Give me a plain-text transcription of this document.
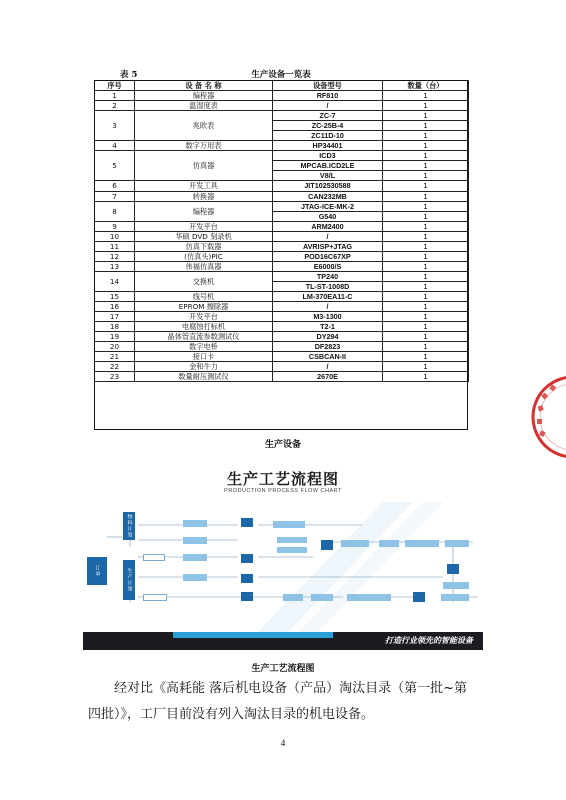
表 5	生产设备一览表
序号	设 备 名 称	设备型号	数量（台）
1	编程器	RF810	1
2	温湿度表	/	1
3	兆欧表	ZC-7	1
		ZC-25B-4	1
		ZC11D-10	1
4	数字万用表	HP34401	1
5	仿真器	ICD3	1
		MPCAB.ICD2LE	1
		V8/L	1
6	开发工具	JIT102530588	1
7	转换器	CAN232MB	1
8	编程器	JTAG-ICE-MK-2	1
		G540	1
9	开发平台	ARM2400	1
10	华硕 DVD 刻录机	/	1
11	仿真下载器	AVRISP+JTAG	1
12	(仿真头)PIC	POD16C67XP	1
13	伟福仿真器	E6000/S	1
14	交换机	TP240	1
		TL-ST-1008D	1
15	线号机	LM-370EA11-C	1
16	EPROM 擦除器	/	1
17	开发平台	M3-1300	1
18	电腐蚀打标机	T2-1	1
19	晶体管直流参数测试仪	DY294	1
20	数字电桥	DF2823	1
21	接口卡	CSBCAN-II	1
22	金和牛力	/	1
23	数量耐压测试仪	2670E	1
生产设备
生产工艺流程图
PRODUCTION PROCESS FLOW CHART
订单
物料计划
生产计划
打造行业领先的智能设备
生产工艺流程图
经对比《高耗能 落后机电设备（产品）淘汰目录（第一批~第四批）》，工厂目前没有列入淘汰目录的机电设备。
4
